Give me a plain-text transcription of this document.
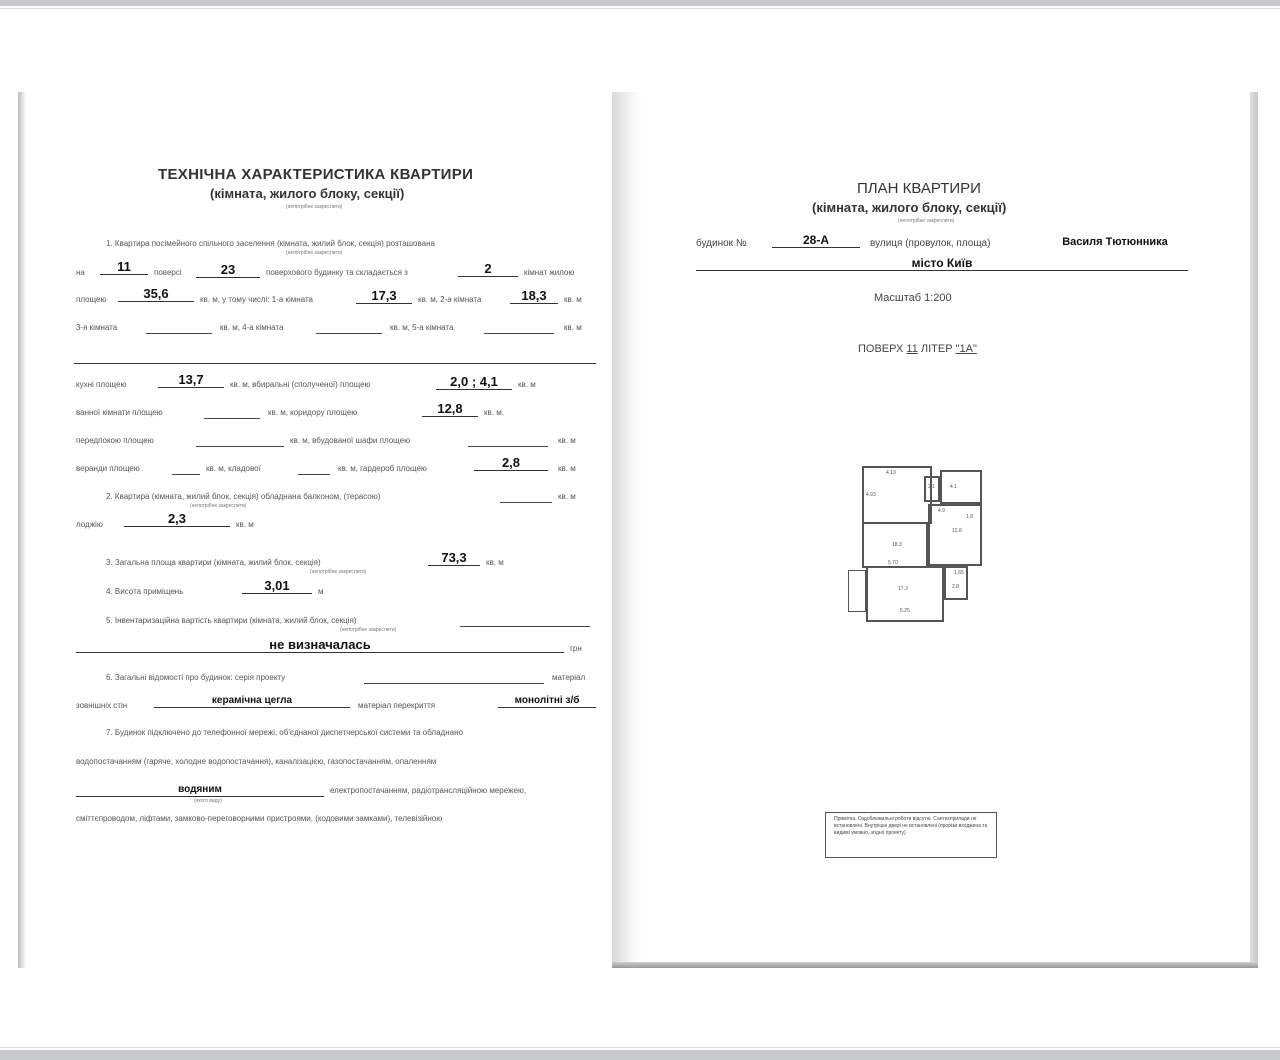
ТЕХНІЧНА ХАРАКТЕРИСТИКА КВАРТИРИ
(кімната, жилого блоку, секції)
(непотрібне закреслити)
1. Квартира посімейного спільного заселення (кімната, жилий блок, секція) розташована
(непотрібне закреслити)
на	11	поверсі	23	поверхового будинку та складається з	2	кімнат жилою
площею	35,6	кв. м, у тому числі: 1-а кімната	17,3	кв. м, 2-а кімната	18,3	кв. м
3-я кімната	кв. м, 4-а кімната	кв. м, 5-а кімната	кв. м
кухні площею	13,7	кв. м, вбиральні (сполученої) площею	2,0 ; 4,1	кв. м
ванної кімнати площею	кв. м, коридору площею	12,8	кв. м.
передпокою площею	кв. м, вбудованої шафи площею	кв. м
веранди площею	кв. м, кладової	кв. м, гардероб площею	2,8	кв. м
2. Квартира (кімната, жилий блок, секція) обладнана балконом, (терасою)	кв. м
(непотрібне закреслити)
лоджію	2,3	кв. м
3. Загальна площа квартири (кімната, жилий блок, секція)	73,3	кв. м
(непотрібне закреслити)
4. Висота приміщень	3,01	м
5. Інвентаризаційна вартість квартири (кімната, жилий блок, секція)
(непотрібне закреслити)
не визначалась	грн
6. Загальні відомості про будинок: серія проекту	матеріал
зовнішніх стін	керамічна цегла	матеріал перекриття	монолітні з/б
7. Будинок підключено до телефонної мережі, об'єднаної диспетчерської системи та обладнано
водопостачанням (гаряче, холодне водопостачання), каналізацією, газопостачанням, опаленням
водяним
(якого виду)
електропостачанням, радіотрансляційною мережею,
сміттєпроводом, ліфтами, замково-переговорними пристроями, (кодовими замками), телевізійною
ПЛАН КВАРТИРИ
(кімната, жилого блоку, секції)
(непотрібне закреслити)
будинок №	28-А	вулиця (провулок, площа)	Василя Тютюнника
місто Київ
Масштаб 1:200
ПОВЕРХ 11 ЛІТЕР "1А"
4.13
2.1	4.1
1.8
12.8
4.9
18.3
5.70
17.3	2.8
5.25
1.65
4.93
Примітка. Оздоблювальні роботи відсутні. Сантехприлади не встановлені. Внутрішні двері не встановлені (прорізи входжена та видимі умовно, згідно проекту)
